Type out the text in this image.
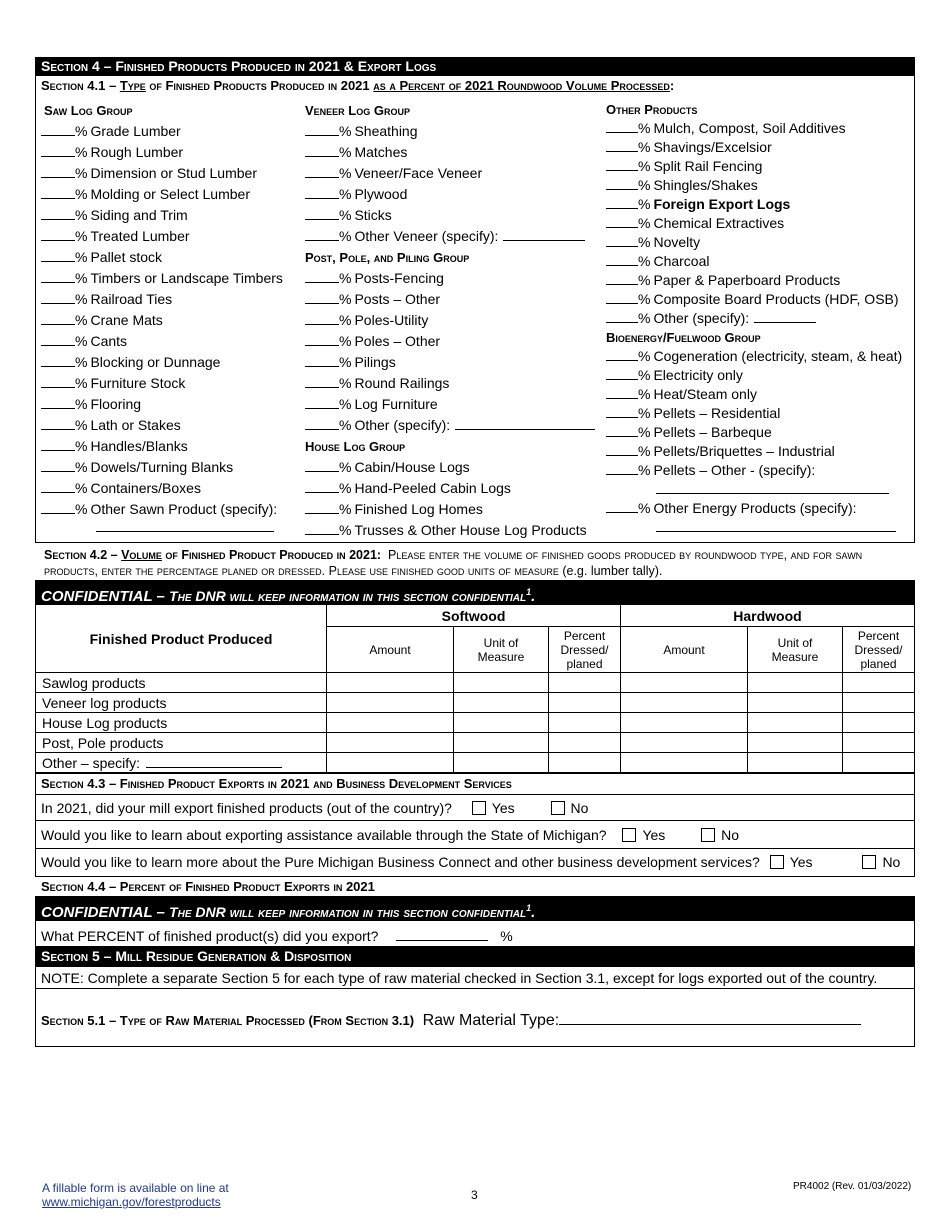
Section 4 – Finished Products Produced in 2021 & Export Logs
Section 4.1 – Type of Finished Products Produced in 2021 as a Percent of 2021 Roundwood Volume Processed:
Saw Log Group
% Grade Lumber
% Rough Lumber
% Dimension or Stud Lumber
% Molding or Select Lumber
% Siding and Trim
% Treated Lumber
% Pallet stock
% Timbers or Landscape Timbers
% Railroad Ties
% Crane Mats
% Cants
% Blocking or Dunnage
% Furniture Stock
% Flooring
% Lath or Stakes
% Handles/Blanks
% Dowels/Turning Blanks
% Containers/Boxes
% Other Sawn Product (specify):
Veneer Log Group
% Sheathing
% Matches
% Veneer/Face Veneer
% Plywood
% Sticks
% Other Veneer (specify):
Post, Pole, and Piling Group
% Posts-Fencing
% Posts – Other
% Poles-Utility
% Poles – Other
% Pilings
% Round Railings
% Log Furniture
% Other (specify):
House Log Group
% Cabin/House Logs
% Hand-Peeled Cabin Logs
% Finished Log Homes
% Trusses & Other House Log Products
Other Products
% Mulch, Compost, Soil Additives
% Shavings/Excelsior
% Split Rail Fencing
% Shingles/Shakes
% Foreign Export Logs
% Chemical Extractives
% Novelty
% Charcoal
% Paper & Paperboard Products
% Composite Board Products (HDF, OSB)
% Other (specify):
Bioenergy/Fuelwood Group
% Cogeneration (electricity, steam, & heat)
% Electricity only
% Heat/Steam only
% Pellets – Residential
% Pellets – Barbeque
% Pellets/Briquettes – Industrial
% Pellets – Other - (specify):
% Other Energy Products (specify):
Section 4.2 – Volume of Finished Product Produced in 2021: Please enter the volume of finished goods produced by roundwood type, and for sawn products, enter the percentage planed or dressed. Please use finished good units of measure (e.g. lumber tally).
CONFIDENTIAL – The DNR will keep information in this section confidential$^1$.
Finished Product Produced	Softwood			Hardwood		
	Amount	Unit of Measure	Percent Dressed/ planed	Amount	Unit of Measure	Percent Dressed/ planed
Sawlog products						
Veneer log products						
House Log products						
Post, Pole products						
Other – specify:						
Section 4.3 – Finished Product Exports in 2021 and Business Development Services
In 2021, did your mill export finished products (out of the country)?	Yes	No
Would you like to learn about exporting assistance available through the State of Michigan?	Yes	No
Would you like to learn more about the Pure Michigan Business Connect and other business development services? Yes	No
Section 4.4 – Percent of Finished Product Exports in 2021
CONFIDENTIAL – The DNR will keep information in this section confidential$^1$.
What PERCENT of finished product(s) did you export?	%
Section 5 – Mill Residue Generation & Disposition
NOTE: Complete a separate Section 5 for each type of raw material checked in Section 3.1, except for logs exported out of the country.
Section 5.1 – Type of Raw Material Processed (From Section 3.1) Raw Material Type:
A fillable form is available on line at
www.michigan.gov/forestproducts	3
PR4002 (Rev. 01/03/2022)
